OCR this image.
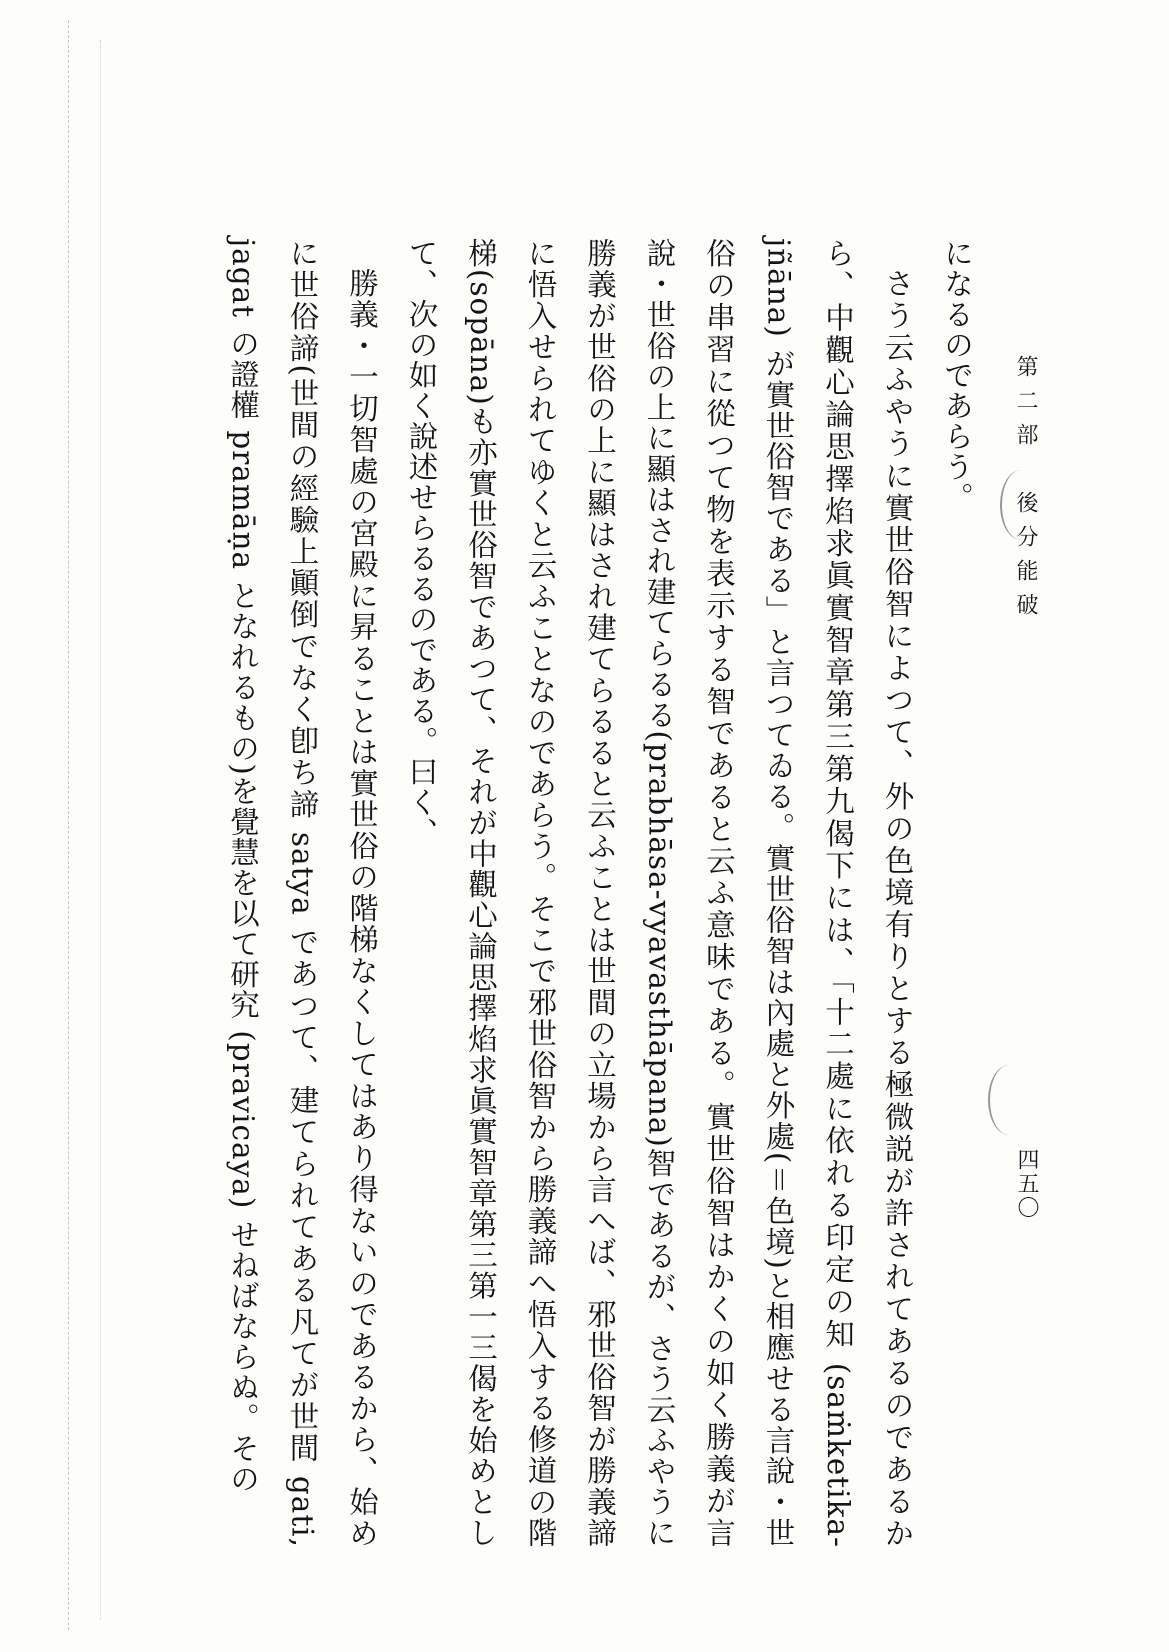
第二部　後分能破
四五〇

になるのであらう。

さう云ふやうに實世俗智によつて、外の色境有りとする極微説が許されてあるのであるから、中觀心論思擇焰求眞實智章第三第九偈下には、「十二處に依れる印定の知 (saṁketika-jñāna) が實世俗智である」と言つてゐる。實世俗智は內處と外處(＝色境)と相應せる言說・世俗の串習に從つて物を表示する智であると云ふ意味である。實世俗智はかくの如く勝義が言說・世俗の上に顯はされ建てらるる(prabhāsa-vyavasthāpana)智であるが、さう云ふやうに勝義が世俗の上に顯はされ建てらるると云ふことは世間の立場から言へば、邪世俗智が勝義諦に悟入せられてゆくと云ふことなのであらう。そこで邪世俗智から勝義諦へ悟入する修道の階梯(sopāna)も亦實世俗智であつて、それが中觀心論思擇焰求眞實智章第三第一三偈を始めとして、次の如く說述せらるるのである。曰く、

勝義・一切智處の宮殿に昇ることは實世俗の階梯なくしてはあり得ないのであるから、始めに世俗諦(世間の經驗上顚倒でなく卽ち諦 satya であつて、建てられてある凡てが世間 gati, jagat の證權 pramāṇa となれるもの)を覺慧を以て研究 (pravicaya) せねばならぬ。その
